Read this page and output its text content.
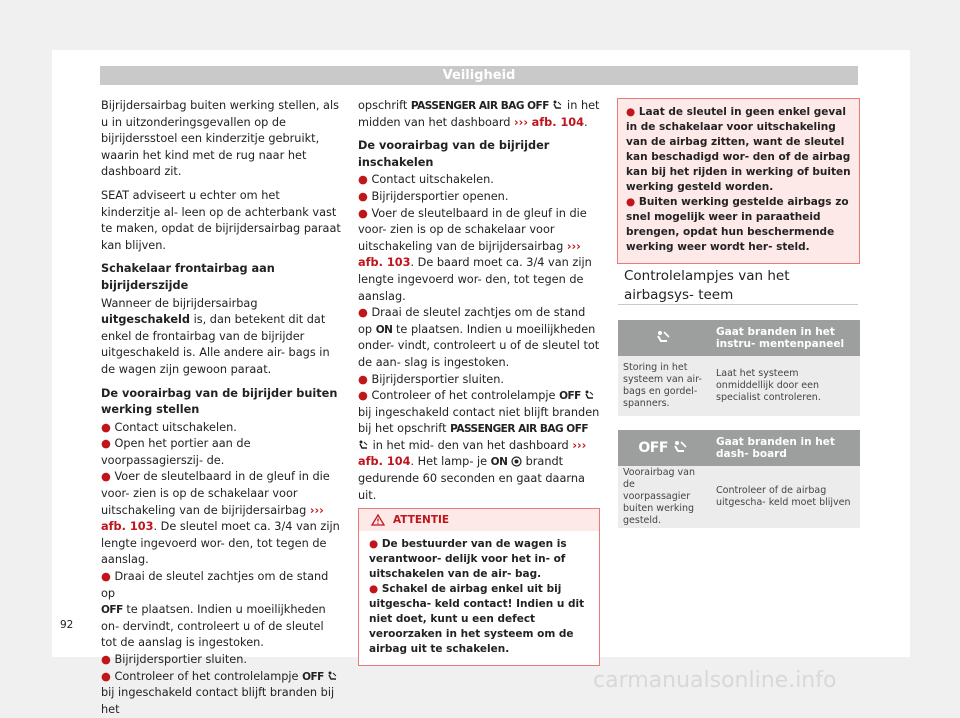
Veiligheid

Bijrijdersairbag buiten werking stellen, als u in uitzonderingsgevallen op de bijrijdersstoel een kinderzitje gebruikt, waarin het kind met de rug naar het dashboard zit.

SEAT adviseert u echter om het kinderzitje al- leen op de achterbank vast te maken, opdat de bijrijdersairbag paraat kan blijven.

Schakelaar frontairbag aan bijrijderszijde

Wanneer de bijrijdersairbag uitgeschakeld is, dan betekent dit dat enkel de frontairbag van de bijrijder uitgeschakeld is. Alle andere air- bags in de wagen zijn gewoon paraat.

De voorairbag van de bijrijder buiten werking stellen
● Contact uitschakelen.
● Open het portier aan de voorpassagierszij- de.
● Voer de sleutelbaard in de gleuf in die voor- zien is op de schakelaar voor uitschakeling van de bijrijdersairbag ››› afb. 103. De sleutel moet ca. 3/4 van zijn lengte ingevoerd wor- den, tot tegen de aanslag.
● Draai de sleutel zachtjes om de stand op
OFF te plaatsen. Indien u moeilijkheden on- dervindt, controleert u of de sleutel tot de aanslag is ingestoken.
● Bijrijdersportier sluiten.
● Controleer of het controlelampje OFF  bij ingeschakeld contact blijft branden bij het

opschrift PASSENGER AIR BAG OFF  in het midden van het dashboard ››› afb. 104.

De voorairbag van de bijrijder inschakelen
● Contact uitschakelen.
● Bijrijdersportier openen.
● Voer de sleutelbaard in de gleuf in die voor- zien is op de schakelaar voor uitschakeling van de bijrijdersairbag ››› afb. 103. De baard moet ca. 3/4 van zijn lengte ingevoerd wor- den, tot tegen de aanslag.
● Draai de sleutel zachtjes om de stand op ON te plaatsen. Indien u moeilijkheden onder- vindt, controleert u of de sleutel tot de aan- slag is ingestoken.
● Bijrijdersportier sluiten.
● Controleer of het controlelampje OFF  bij ingeschakeld contact niet blijft branden bij het opschrift PASSENGER AIR BAG OFF  in het mid- den van het dashboard ››› afb. 104. Het lamp- je ON  brandt gedurende 60 seconden en gaat daarna uit.
ATTENTIE
● De bestuurder van de wagen is verantwoor- delijk voor het in- of uitschakelen van de air- bag.
● Schakel de airbag enkel uit bij uitgescha- keld contact! Indien u dit niet doet, kunt u een defect veroorzaken in het systeem om de airbag uit te schakelen.
● Laat de sleutel in geen enkel geval in de schakelaar voor uitschakeling van de airbag zitten, want de sleutel kan beschadigd wor- den of de airbag kan bij het rijden in werking of buiten werking gesteld worden.
● Buiten werking gestelde airbags zo snel mogelijk weer in paraatheid brengen, opdat hun beschermende werking weer wordt her- steld.
Controlelampjes van het airbagsys- teem
	Gaat branden in het instru- mentenpaneel
Storing in het systeem van air- bags en gordel- spanners.	Laat het systeem onmiddellijk door een specialist controleren.
OFF	Gaat branden in het dash- board
Voorairbag van de voorpassagier buiten werking gesteld.	Controleer of de airbag uitgescha- keld moet blijven
92
carmanualsonline.info
